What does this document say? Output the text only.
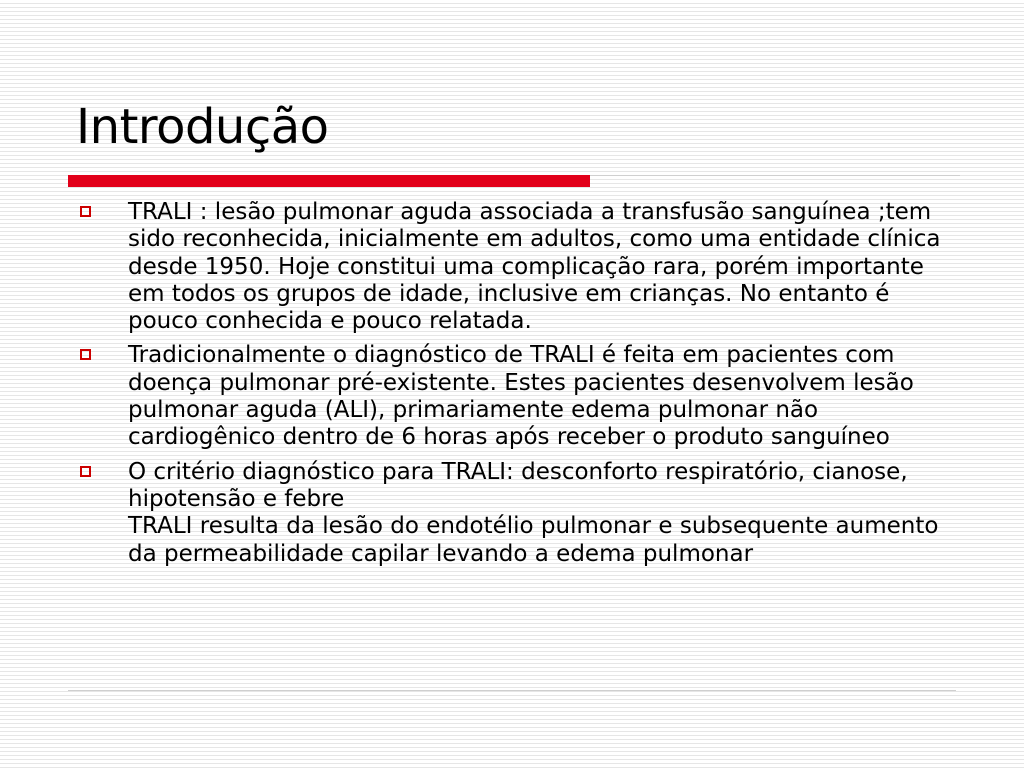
Introdução
TRALI : lesão pulmonar aguda associada a transfusão sanguínea ;tem sido reconhecida, inicialmente em adultos, como uma entidade clínica desde 1950. Hoje constitui uma complicação rara, porém importante em todos os grupos de idade, inclusive em crianças. No entanto é pouco conhecida e pouco relatada.
Tradicionalmente o diagnóstico de TRALI é feita em pacientes com doença pulmonar pré-existente. Estes pacientes desenvolvem lesão pulmonar aguda (ALI), primariamente edema pulmonar não cardiogênico dentro de 6 horas após receber o produto sanguíneo
O critério diagnóstico para TRALI: desconforto respiratório, cianose, hipotensão e febre
TRALI resulta da lesão do endotélio pulmonar e subsequente aumento da permeabilidade capilar levando a edema pulmonar
